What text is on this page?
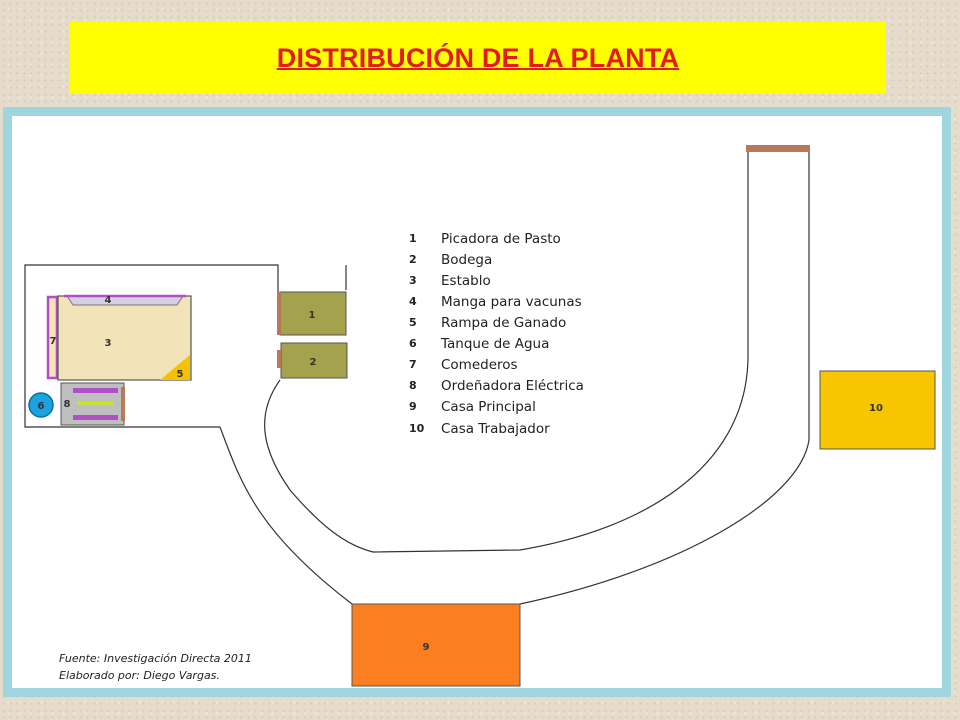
DISTRIBUCIÓN DE LA PLANTA
7
4
3
5
8
6
1
2
9
10
1 Picadora de Pasto
2 Bodega
3 Establo
4 Manga para vacunas
5 Rampa de Ganado
6 Tanque de Agua
7 Comederos
8 Ordeñadora Eléctrica
9 Casa Principal
10 Casa Trabajador
Fuente: Investigación Directa 2011
Elaborado por: Diego Vargas.
